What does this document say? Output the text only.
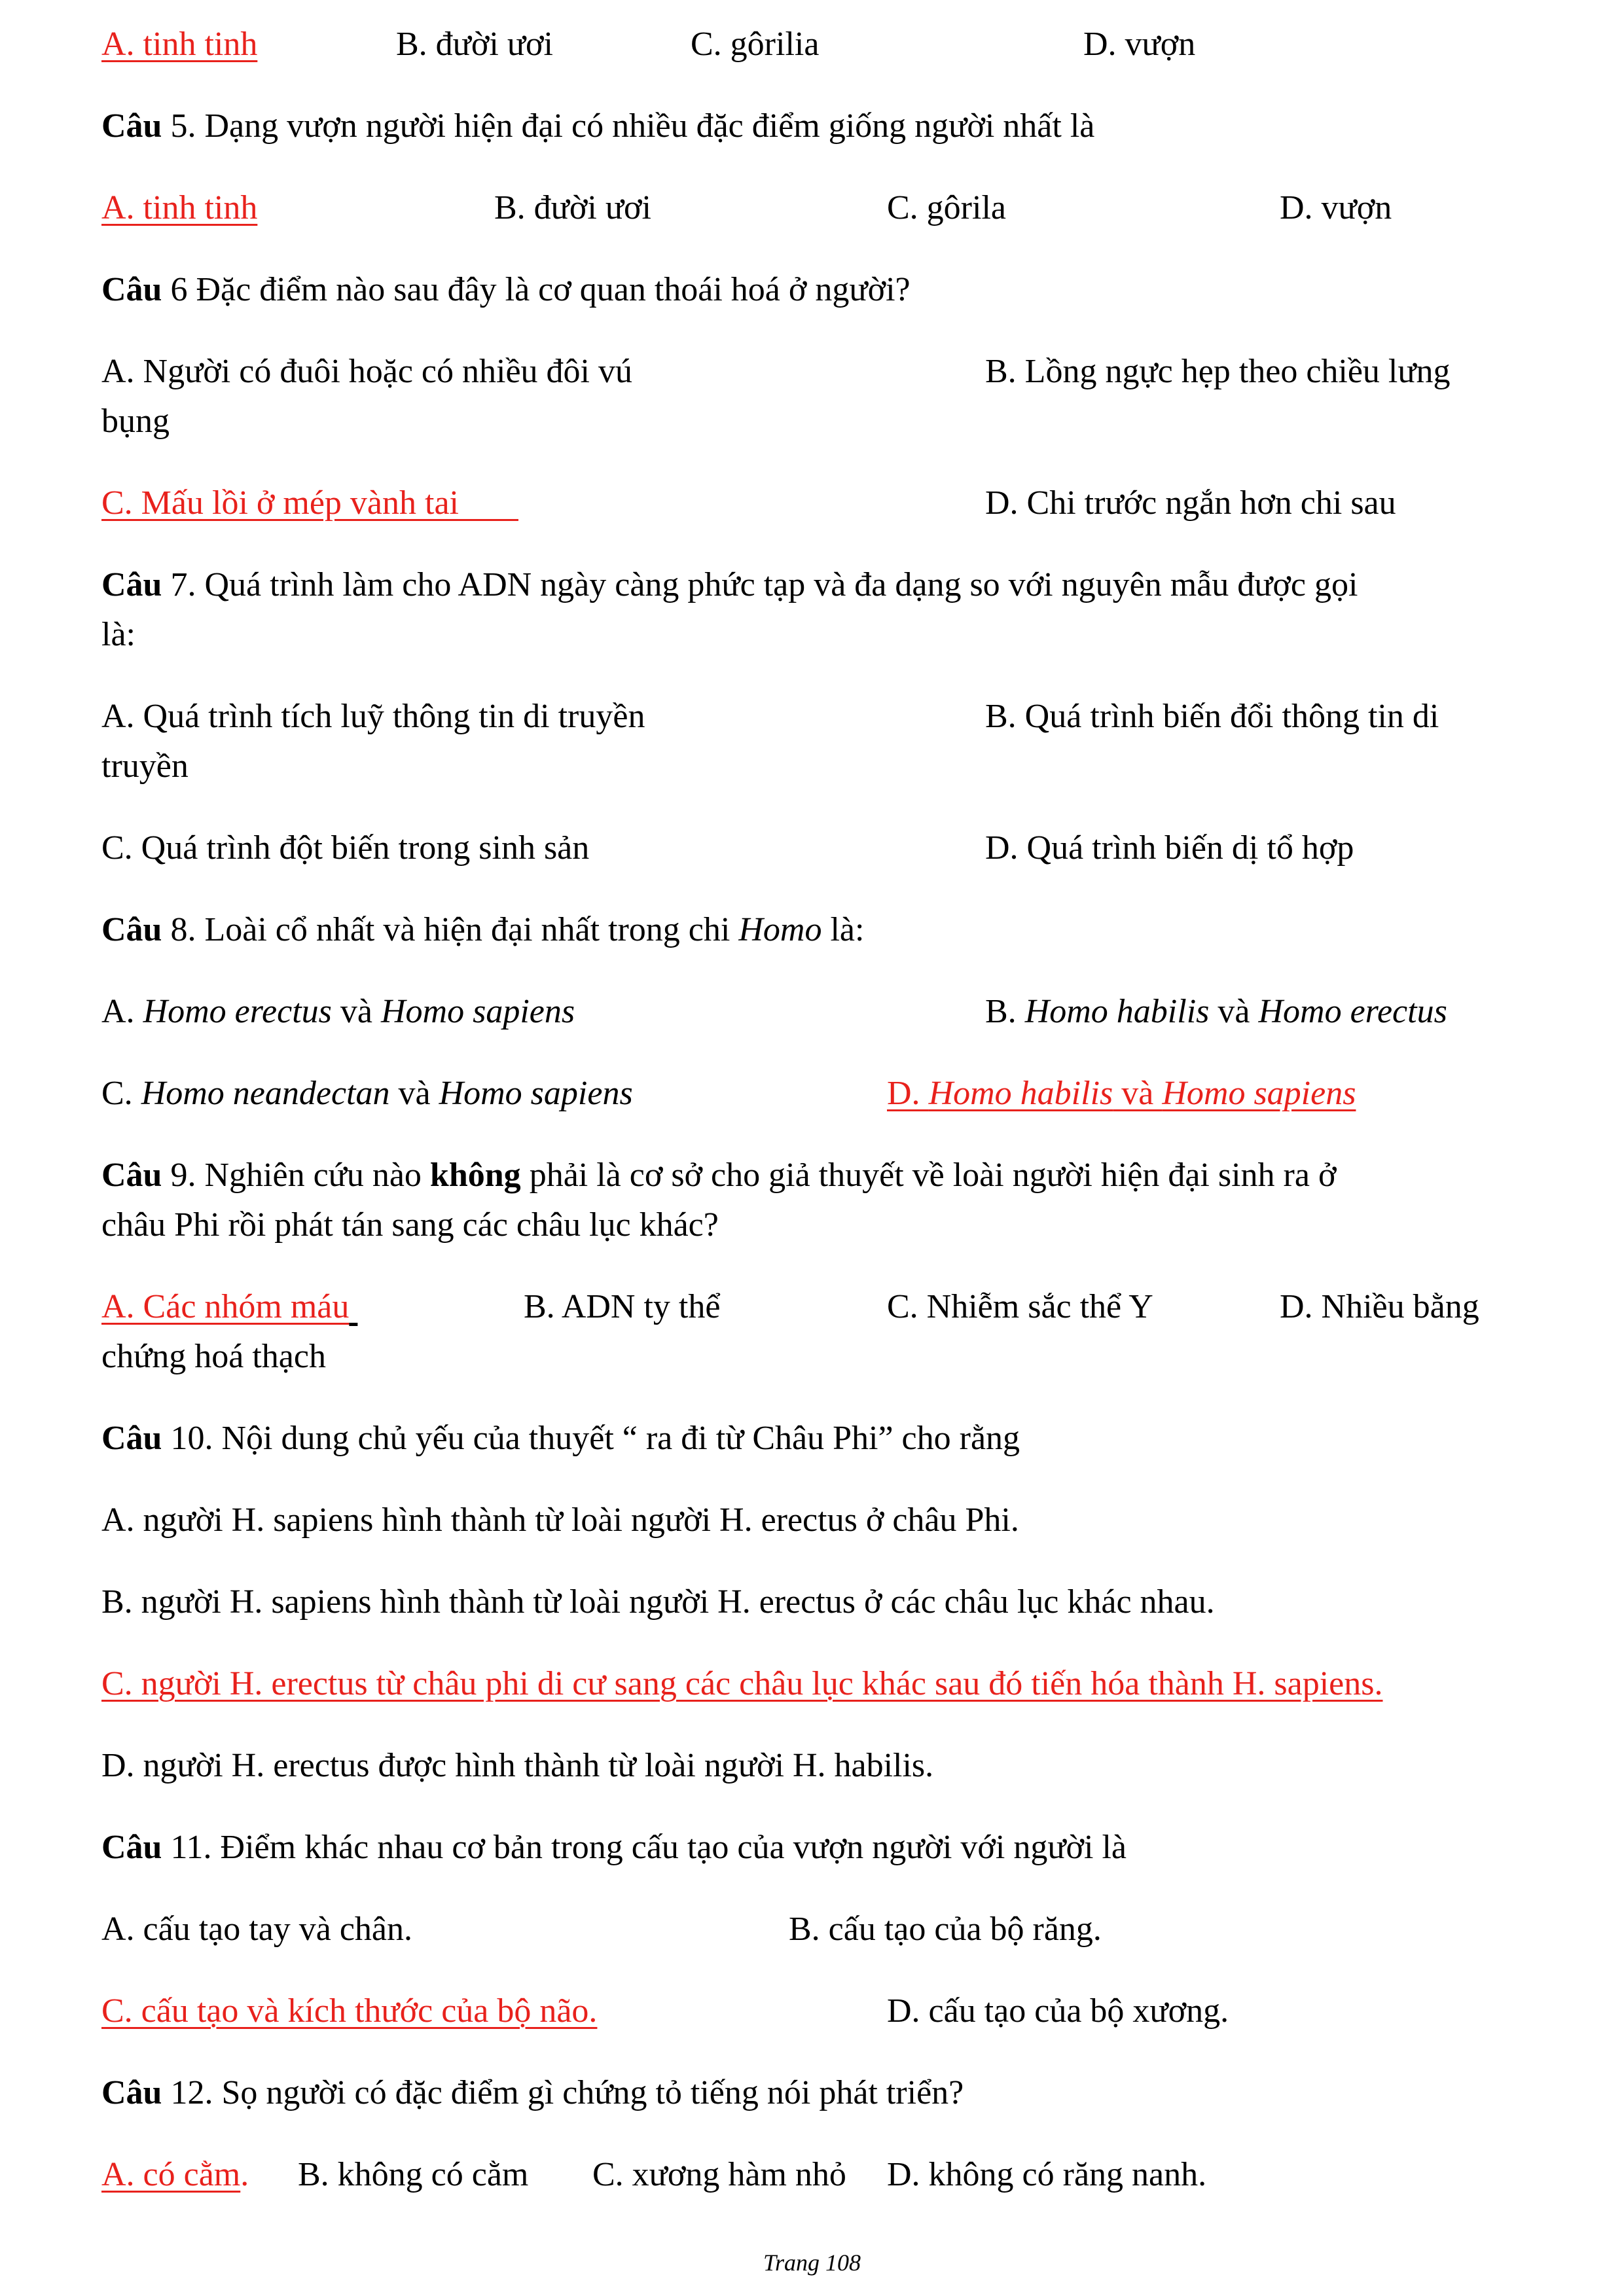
A. tinh tinh	B. đười ươi	C. gôrilia	D. vượn
Câu 5. Dạng vượn người hiện đại có nhiều đặc điểm giống người nhất là
A. tinh tinh	B. đười ươi	C. gôrila	D. vượn
Câu 6 Đặc điểm nào sau đây là cơ quan thoái hoá ở người?
A. Người có đuôi hoặc có nhiều đôi vú	B. Lồng ngực hẹp theo chiều lưng
bụng
C. Mấu lồi ở mép vành tai	D. Chi trước ngắn hơn chi sau
Câu 7. Quá trình làm cho ADN ngày càng phức tạp và đa dạng so với nguyên mẫu được gọi
là:
A. Quá trình tích luỹ thông tin di truyền	B. Quá trình biến đổi thông tin di
truyền
C. Quá trình đột biến trong sinh sản	D. Quá trình biến dị tổ hợp
Câu 8. Loài cổ nhất và hiện đại nhất trong chi Homo là:
A. Homo erectus và Homo sapiens	B. Homo habilis và Homo erectus
C. Homo neandectan và Homo sapiens	D. Homo habilis và Homo sapiens
Câu 9. Nghiên cứu nào không phải là cơ sở cho giả thuyết về loài người hiện đại sinh ra ở
châu Phi rồi phát tán sang các châu lục khác?
A. Các nhóm máu	B. ADN ty thể	C. Nhiễm sắc thể Y	D. Nhiều bằng
chứng hoá thạch
Câu 10. Nội dung chủ yếu của thuyết “ ra đi từ Châu Phi” cho rằng
A. người H. sapiens hình thành từ loài người H. erectus ở châu Phi.
B. người H. sapiens hình thành từ loài người H. erectus ở các châu lục khác nhau.
C. người H. erectus từ châu phi di cư sang các châu lục khác sau đó tiến hóa thành H. sapiens.
D. người H. erectus được hình thành từ loài người H. habilis.
Câu 11. Điểm khác nhau cơ bản trong cấu tạo của vượn người với người là
A. cấu tạo tay và chân.	B. cấu tạo của bộ răng.
C. cấu tạo và kích thước của bộ não.	D. cấu tạo của bộ xương.
Câu 12. Sọ người có đặc điểm gì chứng tỏ tiếng nói phát triển?
A. có cằm. B. không có cằm C. xương hàm nhỏ D. không có răng nanh.
Trang 108
